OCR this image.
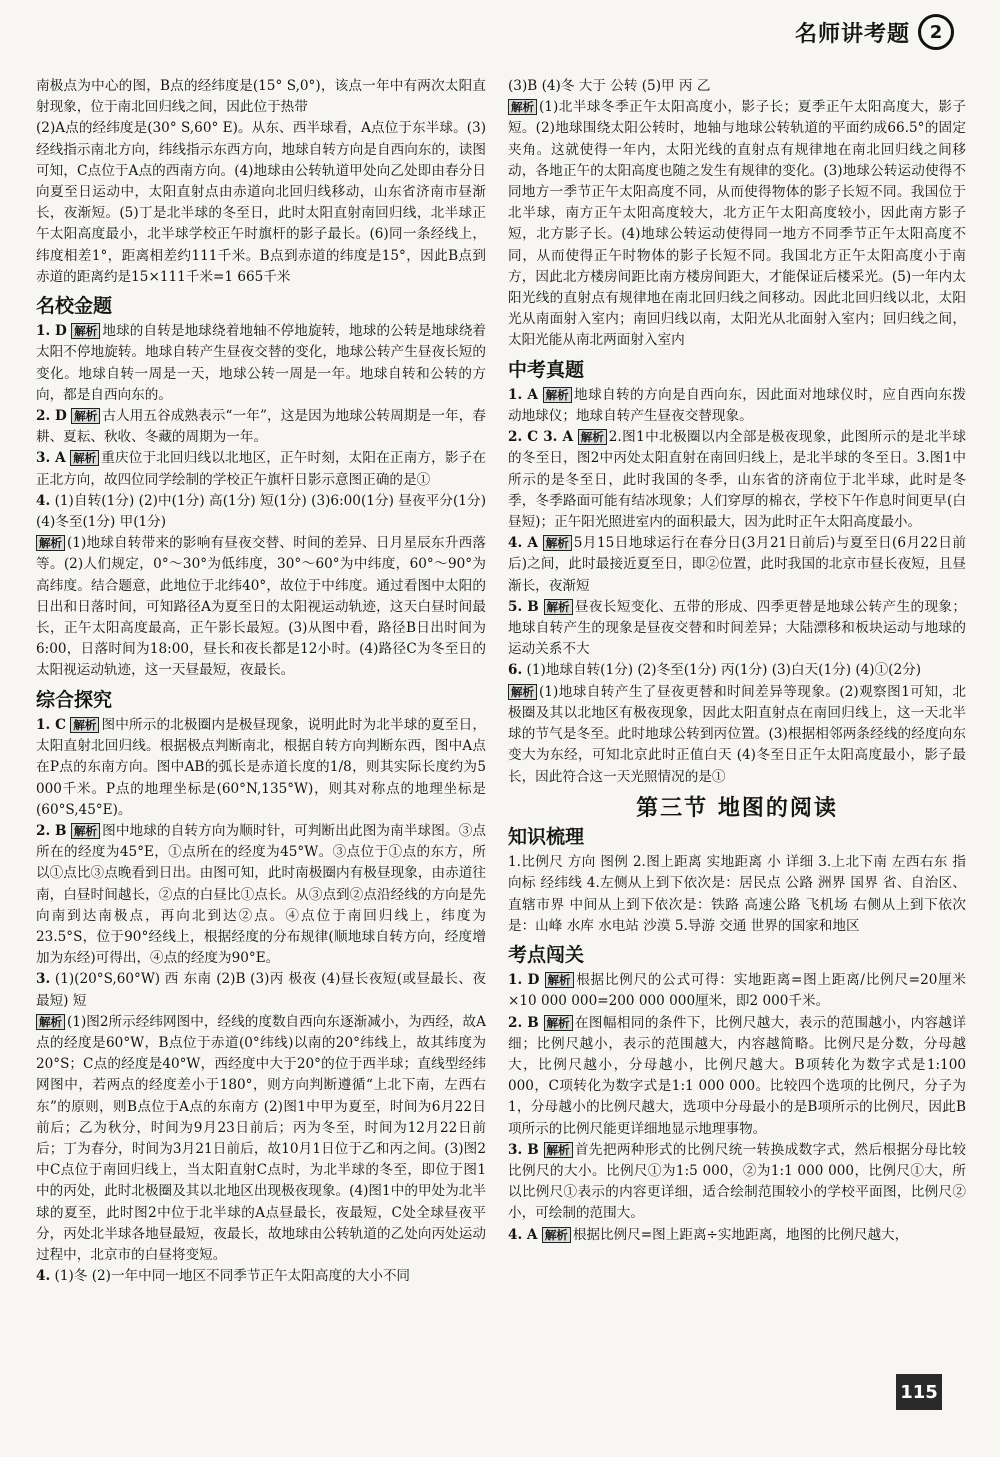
名师讲考题	2

南极点为中心的图，B点的经纬度是(15° S,0°)，该点一年中有两次太阳直射现象，位于南北回归线之间，因此位于热带

(2)A点的经纬度是(30° S,60° E)。从东、西半球看，A点位于东半球。(3)经线指示南北方向，纬线指示东西方向，地球自转方向是自西向东的，读图可知，C点位于A点的西南方向。(4)地球由公转轨道甲处向乙处即由春分日向夏至日运动中，太阳直射点由赤道向北回归线移动，山东省济南市昼渐长，夜渐短。(5)丁是北半球的冬至日，此时太阳直射南回归线，北半球正午太阳高度最小，北半球学校正午时旗杆的影子最长。(6)同一条经线上，纬度相差1°，距离相差约111千米。B点到赤道的纬度是15°，因此B点到赤道的距离约是15×111千米=1 665千米

名校金题

1. D 解析 地球的自转是地球绕着地轴不停地旋转，地球的公转是地球绕着太阳不停地旋转。地球自转产生昼夜交替的变化，地球公转产生昼夜长短的变化。地球自转一周是一天，地球公转一周是一年。地球自转和公转的方向，都是自西向东的。

2. D 解析 古人用五谷成熟表示“一年”，这是因为地球公转周期是一年，春耕、夏耘、秋收、冬藏的周期为一年。

3. A 解析 重庆位于北回归线以北地区，正午时刻，太阳在正南方，影子在正北方向，故四位同学绘制的学校正午旗杆日影示意图正确的是①

4. (1)自转(1分) (2)中(1分) 高(1分) 短(1分) (3)6:00(1分) 昼夜平分(1分) (4)冬至(1分) 甲(1分)

解析 (1)地球自转带来的影响有昼夜交替、时间的差异、日月星辰东升西落等。(2)人们规定，0°～30°为低纬度，30°～60°为中纬度，60°～90°为高纬度。结合题意，此地位于北纬40°，故位于中纬度。通过看图中太阳的日出和日落时间，可知路径A为夏至日的太阳视运动轨迹，这天白昼时间最长，正午太阳高度最高，正午影长最短。(3)从图中看，路径B日出时间为6:00，日落时间为18:00，昼长和夜长都是12小时。(4)路径C为冬至日的太阳视运动轨迹，这一天昼最短，夜最长。

综合探究

1. C 解析 图中所示的北极圈内是极昼现象，说明此时为北半球的夏至日，太阳直射北回归线。根据极点判断南北，根据自转方向判断东西，图中A点在P点的东南方向。图中AB的弧长是赤道长度的1/8，则其实际长度约为5 000千米。P点的地理坐标是(60°N,135°W)，则其对称点的地理坐标是(60°S,45°E)。

2. B 解析 图中地球的自转方向为顺时针，可判断出此图为南半球图。③点所在的经度为45°E，①点所在的经度为45°W。③点位于①点的东方，所以①点比③点晚看到日出。由图可知，此时南极圈内有极昼现象，由赤道往南，白昼时间越长，②点的白昼比①点长。从③点到②点沿经线的方向是先向南到达南极点，再向北到达②点。④点位于南回归线上，纬度为23.5°S，位于90°经线上，根据经度的分布规律(顺地球自转方向，经度增加为东经)可得出，④点的经度为90°E。

3. (1)(20°S,60°W) 西 东南 (2)B (3)丙 极夜 (4)昼长夜短(或昼最长、夜最短) 短

解析 (1)图2所示经纬网图中，经线的度数自西向东逐渐减小，为西经，故A点的经度是60°W，B点位于赤道(0°纬线)以南的20°纬线上，故其纬度为20°S；C点的经度是40°W，西经度中大于20°的位于西半球；直线型经纬网图中，若两点的经度差小于180°，则方向判断遵循“上北下南，左西右东”的原则，则B点位于A点的东南方 (2)图1中甲为夏至，时间为6月22日前后；乙为秋分，时间为9月23日前后；丙为冬至，时间为12月22日前后；丁为春分，时间为3月21日前后，故10月1日位于乙和丙之间。(3)图2中C点位于南回归线上，当太阳直射C点时，为北半球的冬至，即位于图1中的丙处，此时北极圈及其以北地区出现极夜现象。(4)图1中的甲处为北半球的夏至，此时图2中位于北半球的A点昼最长，夜最短，C处全球昼夜平分，丙处北半球各地昼最短，夜最长，故地球由公转轨道的乙处向丙处运动过程中，北京市的白昼将变短。

4. (1)冬 (2)一年中同一地区不同季节正午太阳高度的大小不同

(3)B (4)冬 大于 公转 (5)甲 丙 乙

解析 (1)北半球冬季正午太阳高度小，影子长；夏季正午太阳高度大，影子短。(2)地球围绕太阳公转时，地轴与地球公转轨道的平面约成66.5°的固定夹角。这就使得一年内，太阳光线的直射点有规律地在南北回归线之间移动，各地正午的太阳高度也随之发生有规律的变化。(3)地球公转运动使得不同地方一季节正午太阳高度不同，从而使得物体的影子长短不同。我国位于北半球，南方正午太阳高度较大，北方正午太阳高度较小，因此南方影子短，北方影子长。(4)地球公转运动使得同一地方不同季节正午太阳高度不同，从而使得正午时物体的影子长短不同。我国北方正午太阳高度小于南方，因此北方楼房间距比南方楼房间距大，才能保证后楼采光。(5)一年内太阳光线的直射点有规律地在南北回归线之间移动。因此北回归线以北，太阳光从南面射入室内；南回归线以南，太阳光从北面射入室内；回归线之间，太阳光能从南北两面射入室内

中考真题

1. A 解析 地球自转的方向是自西向东，因此面对地球仪时，应自西向东拨动地球仪；地球自转产生昼夜交替现象。

2. C 3. A 解析 2.图1中北极圈以内全部是极夜现象，此图所示的是北半球的冬至日，图2中丙处太阳直射在南回归线上，是北半球的冬至日。3.图1中所示的是冬至日，此时我国的冬季，山东省的济南位于北半球，此时是冬季，冬季路面可能有结冰现象；人们穿厚的棉衣，学校下午作息时间更早(白昼短)；正午阳光照进室内的面积最大，因为此时正午太阳高度最小。

4. A 解析 5月15日地球运行在春分日(3月21日前后)与夏至日(6月22日前后)之间，此时最接近夏至日，即②位置，此时我国的北京市昼长夜短，且昼渐长，夜渐短

5. B 解析 昼夜长短变化、五带的形成、四季更替是地球公转产生的现象；地球自转产生的现象是昼夜交替和时间差异；大陆漂移和板块运动与地球的运动关系不大

6. (1)地球自转(1分) (2)冬至(1分) 丙(1分) (3)白天(1分) (4)①(2分)

解析 (1)地球自转产生了昼夜更替和时间差异等现象。(2)观察图1可知，北极圈及其以北地区有极夜现象，因此太阳直射点在南回归线上，这一天北半球的节气是冬至。此时地球公转到丙位置。(3)根据相邻两条经线的经度向东变大为东经，可知北京此时正值白天 (4)冬至日正午太阳高度最小，影子最长，因此符合这一天光照情况的是①

第三节 地图的阅读
知识梳理

1.比例尺 方向 图例 2.图上距离 实地距离 小 详细 3.上北下南 左西右东 指向标 经纬线 4.左侧从上到下依次是：居民点 公路 洲界 国界 省、自治区、直辖市界 中间从上到下依次是：铁路 高速公路 飞机场 右侧从上到下依次是：山峰 水库 水电站 沙漠 5.导游 交通 世界的国家和地区

考点闯关

1. D 解析 根据比例尺的公式可得：实地距离=图上距离/比例尺=20厘米×10 000 000=200 000 000厘米，即2 000千米。

2. B 解析 在图幅相同的条件下，比例尺越大，表示的范围越小，内容越详细；比例尺越小，表示的范围越大，内容越简略。比例尺是分数，分母越大，比例尺越小，分母越小，比例尺越大。B项转化为数字式是1:100 000，C项转化为数字式是1:1 000 000。比较四个选项的比例尺，分子为1，分母越小的比例尺越大，选项中分母最小的是B项所示的比例尺，因此B项所示的比例尺能更详细地显示地理事物。

3. B 解析 首先把两种形式的比例尺统一转换成数字式，然后根据分母比较比例尺的大小。比例尺①为1:5 000，②为1:1 000 000，比例尺①大，所以比例尺①表示的内容更详细，适合绘制范围较小的学校平面图，比例尺②小，可绘制的范围大。

4. A 解析 根据比例尺=图上距离÷实地距离，地图的比例尺越大，

115
